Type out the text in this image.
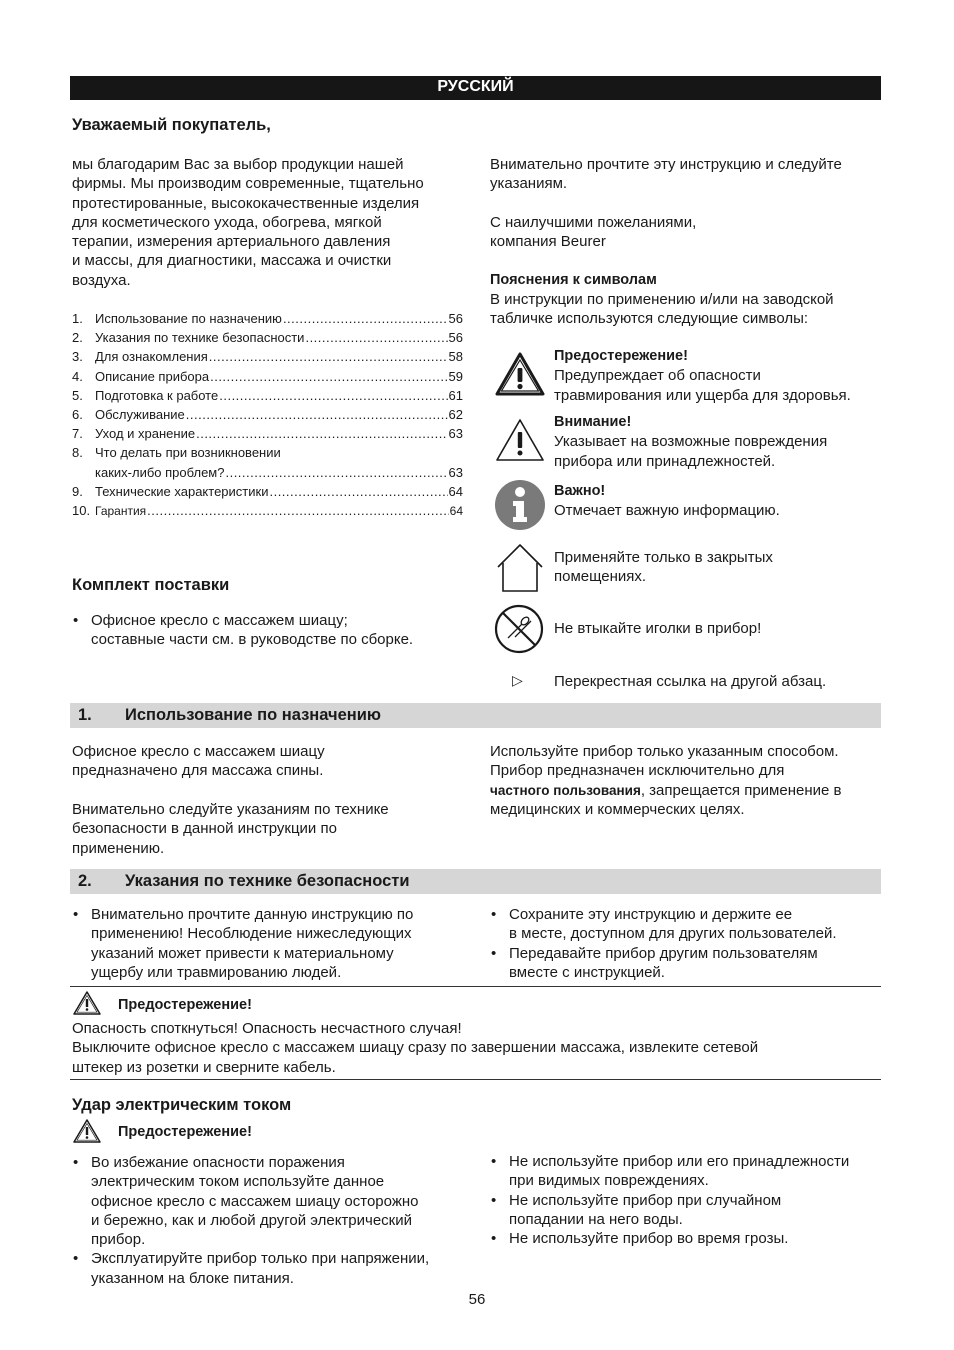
РУССКИЙ
Уважаемый покупатель,
мы благодарим Вас за выбор продукции нашей
фирмы. Мы производим современные, тщательно
протестированные, высококачественные изделия
для косметического ухода, обогрева, мягкой
терапии, измерения артериального давления
и массы, для диагностики, массажа и очистки
воздуха.
Внимательно прочтите эту инструкцию и следуйте
указаниям.
С наилучшими пожеланиями,
компания Beurer
1. Использование по назначению .....	56
2. Указания по технике безопасности .....	56
3. Для ознакомления .....	58
4. Описание прибора .....	59
5. Подготовка к работе .....	61
6. Обслуживание .....	62
7. Уход и хранение .....	63
8. Что делать при возникновении
каких-либо проблем? .....	63
9. Технические характеристики .....	64
10. Гарантия .....	64
Комплект поставки
• Офисное кресло с массажем шиацу;
составные части см. в руководстве по сборке.
Пояснения к символам
В инструкции по применению и/или на заводской
табличке используются следующие символы:
Предостережение!
Предупреждает об опасности
травмирования или ущерба для здоровья.
Внимание!
Указывает на возможные повреждения
прибора или принадлежностей.
Важно!
Отмечает важную информацию.
Применяйте только в закрытых
помещениях.
Не втыкайте иголки в прибор!
▷ Перекрестная ссылка на другой абзац.
1. Использование по назначению
Офисное кресло с массажем шиацу
предназначено для массажа спины.
Внимательно следуйте указаниям по технике
безопасности в данной инструкции по
применению.
Используйте прибор только указанным способом.
Прибор предназначен исключительно для
частного пользования, запрещается применение в
медицинских и коммерческих целях.
2. Указания по технике безопасности
• Внимательно прочтите данную инструкцию по
применению! Несоблюдение нижеследующих
указаний может привести к материальному
ущербу или травмированию людей.
• Сохраните эту инструкцию и держите ее
в месте, доступном для других пользователей.
• Передавайте прибор другим пользователям
вместе с инструкцией.
Предостережение!
Опасность споткнуться! Опасность несчастного случая!
Выключите офисное кресло с массажем шиацу сразу по завершении массажа, извлеките сетевой
штекер из розетки и сверните кабель.
Удар электрическим током
Предостережение!
• Во избежание опасности поражения
электрическим током используйте данное
офисное кресло с массажем шиацу осторожно
и бережно, как и любой другой электрический
прибор.
• Эксплуатируйте прибор только при напряжении,
указанном на блоке питания.
• Не используйте прибор или его принадлежности
при видимых повреждениях.
• Не используйте прибор при случайном
попадании на него воды.
• Не используйте прибор во время грозы.
56
